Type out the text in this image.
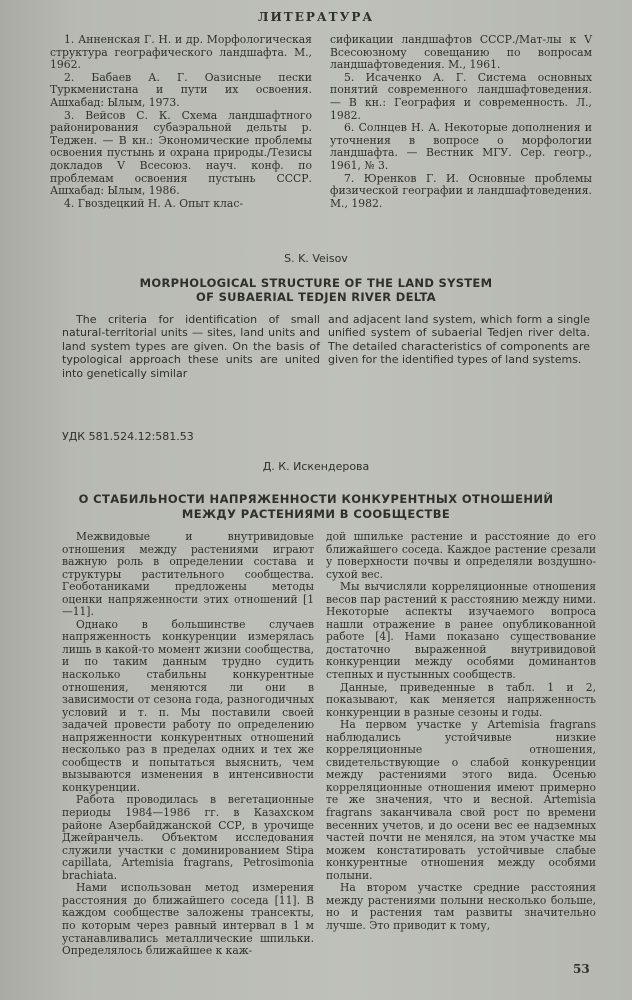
ЛИТЕРАТУРА

1. Анненская Г. Н. и др. Морфологическая структура географического ландшафта. М., 1962.

2. Бабаев А. Г. Оазисные пески Туркменистана и пути их освоения. Ашхабад: Ылым, 1973.

3. Вейсов С. К. Схема ландшафтного районирования субаэральной дельты р. Теджен. — В кн.: Экономические проблемы освоения пустынь и охрана природы./Тезисы докладов V Всесоюз. науч. конф. по проблемам освоения пустынь СССР. Ашхабад: Ылым, 1986.

4. Гвоздецкий Н. А. Опыт клас-

сификации ландшафтов СССР./Мат-лы к V Всесоюзному совещанию по вопросам ландшафтоведения. М., 1961.

5. Исаченко А. Г. Система основных понятий современного ландшафтоведения. — В кн.: География и современность. Л., 1982.

6. Солнцев Н. А. Некоторые дополнения и уточнения в вопросе о морфологии ландшафта. — Вестник МГУ. Сер. геогр., 1961, № 3.

7. Юренков Г. И. Основные проблемы физической географии и ландшафтоведения. М., 1982.

S. K. Veisov
MORPHOLOGICAL STRUCTURE OF THE LAND SYSTEM
OF SUBAERIAL TEDJEN RIVER DELTA

The criteria for identification of small natural-territorial units — sites, land units and land system types are given. On the basis of typological approach these units are united into genetically similar

and adjacent land system, which form a single unified system of subaerial Tedjen river delta. The detailed characteristics of components are given for the identified types of land systems.

УДК 581.524.12:581.53
Д. К. Искендерова
О СТАБИЛЬНОСТИ НАПРЯЖЕННОСТИ КОНКУРЕНТНЫХ ОТНОШЕНИЙ
МЕЖДУ РАСТЕНИЯМИ В СООБЩЕСТВЕ

Межвидовые и внутривидовые отношения между растениями играют важную роль в определении состава и структуры растительного сообщества. Геоботаниками предложены методы оценки напряженности этих отношений [1—11].

Однако в большинстве случаев напряженность конкуренции измерялась лишь в какой-то момент жизни сообщества, и по таким данным трудно судить насколько стабильны конкурентные отношения, меняются ли они в зависимости от сезона года, разногодичных условий и т. п. Мы поставили своей задачей провести работу по определению напряженности конкурентных отношений несколько раз в пределах одних и тех же сообществ и попытаться выяснить, чем вызываются изменения в интенсивности конкуренции.

Работа проводилась в вегетационные периоды 1984—1986 гг. в Казахском районе Азербайджанской ССР, в урочище Джейранчель. Объектом исследования служили участки с доминированием Stipa capillata, Artemisia fragrans, Petrosimonia brachiata.

Нами использован метод измерения расстояния до ближайшего соседа [11]. В каждом сообществе заложены трансекты, по которым через равный интервал в 1 м устанавливались металлические шпильки. Определялось ближайшее к каж-

дой шпильке растение и расстояние до его ближайшего соседа. Каждое растение срезали у поверхности почвы и определяли воздушно-сухой вес.

Мы вычисляли корреляционные отношения весов пар растений к расстоянию между ними. Некоторые аспекты изучаемого вопроса нашли отражение в ранее опубликованной работе [4]. Нами показано существование достаточно выраженной внутривидовой конкуренции между особями доминантов степных и пустынных сообществ.

Данные, приведенные в табл. 1 и 2, показывают, как меняется напряженность конкуренции в разные сезоны и годы.

На первом участке у Artemisia fragrans наблюдались устойчивые низкие корреляционные отношения, свидетельствующие о слабой конкуренции между растениями этого вида. Осенью корреляционные отношения имеют примерно те же значения, что и весной. Artemisia fragrans заканчивала свой рост по времени весенних учетов, и до осени вес ее надземных частей почти не менялся, на этом участке мы можем констатировать устойчивые слабые конкурентные отношения между особями полыни.

На втором участке средние расстояния между растениями полыни несколько больше, но и растения там развиты значительно лучше. Это приводит к тому,

53
